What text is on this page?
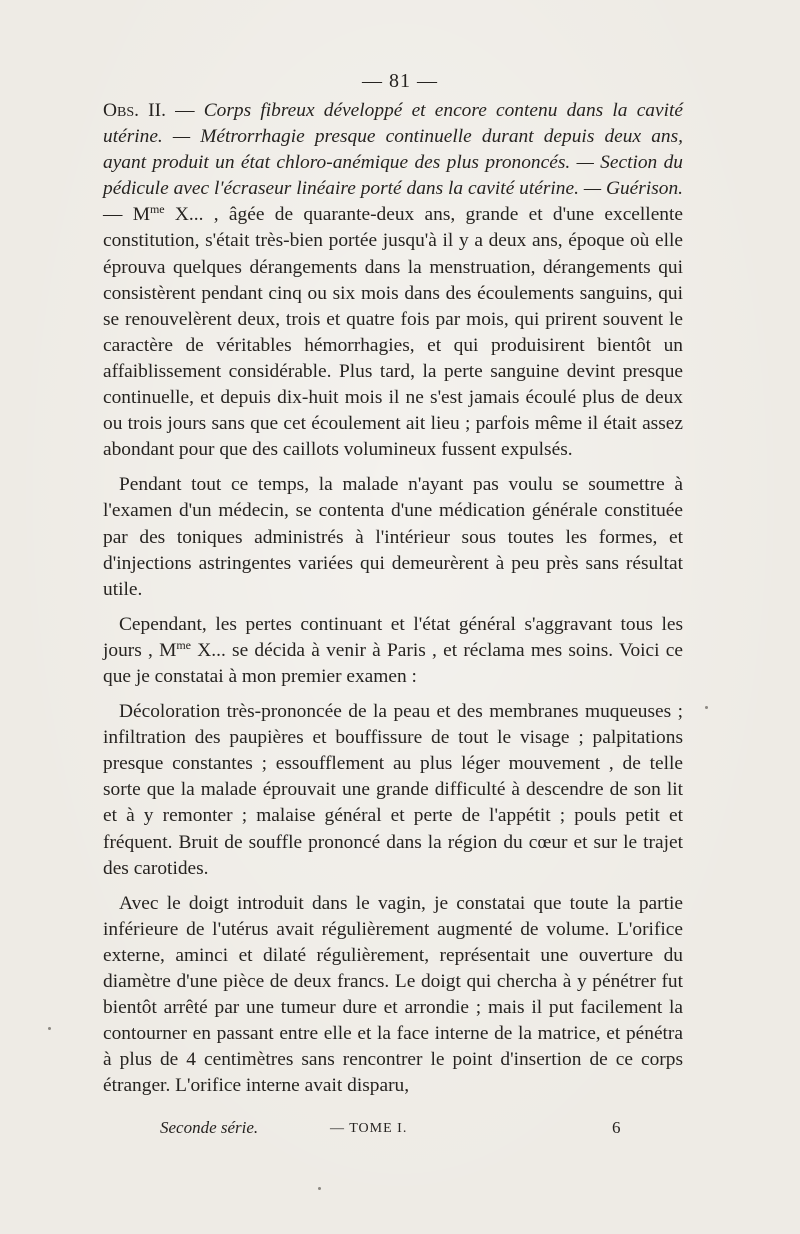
— 81 —

Obs. II. — Corps fibreux développé et encore contenu dans la cavité utérine. — Métrorrhagie presque continuelle durant depuis deux ans, ayant produit un état chloro-anémique des plus prononcés. — Section du pédicule avec l'écraseur linéaire porté dans la cavité utérine. — Guérison. — $M^{me}$ X... , âgée de quarante-deux ans, grande et d'une excellente constitution, s'était très-bien portée jusqu'à il y a deux ans, époque où elle éprouva quelques dérangements dans la menstruation, dérangements qui consistèrent pendant cinq ou six mois dans des écoulements sanguins, qui se renouvelèrent deux, trois et quatre fois par mois, qui prirent souvent le caractère de véritables hémorrhagies, et qui produisirent bientôt un affaiblissement considérable. Plus tard, la perte sanguine devint presque continuelle, et depuis dix-huit mois il ne s'est jamais écoulé plus de deux ou trois jours sans que cet écoulement ait lieu ; parfois même il était assez abondant pour que des caillots volumineux fussent expulsés.

Pendant tout ce temps, la malade n'ayant pas voulu se soumettre à l'examen d'un médecin, se contenta d'une médication générale constituée par des toniques administrés à l'intérieur sous toutes les formes, et d'injections astringentes variées qui demeurèrent à peu près sans résultat utile.

Cependant, les pertes continuant et l'état général s'aggravant tous les jours , $M^{me}$ X... se décida à venir à Paris , et réclama mes soins. Voici ce que je constatai à mon premier examen :

Décoloration très-prononcée de la peau et des membranes muqueuses ; infiltration des paupières et bouffissure de tout le visage ; palpitations presque constantes ; essoufflement au plus léger mouvement , de telle sorte que la malade éprouvait une grande difficulté à descendre de son lit et à y remonter ; malaise général et perte de l'appétit ; pouls petit et fréquent. Bruit de souffle prononcé dans la région du cœur et sur le trajet des carotides.

Avec le doigt introduit dans le vagin, je constatai que toute la partie inférieure de l'utérus avait régulièrement augmenté de volume. L'orifice externe, aminci et dilaté régulièrement, représentait une ouverture du diamètre d'une pièce de deux francs. Le doigt qui chercha à y pénétrer fut bientôt arrêté par une tumeur dure et arrondie ; mais il put facilement la contourner en passant entre elle et la face interne de la matrice, et pénétra à plus de 4 centimètres sans rencontrer le point d'insertion de ce corps étranger. L'orifice interne avait disparu,

Seconde série.	— TOME I.	6
